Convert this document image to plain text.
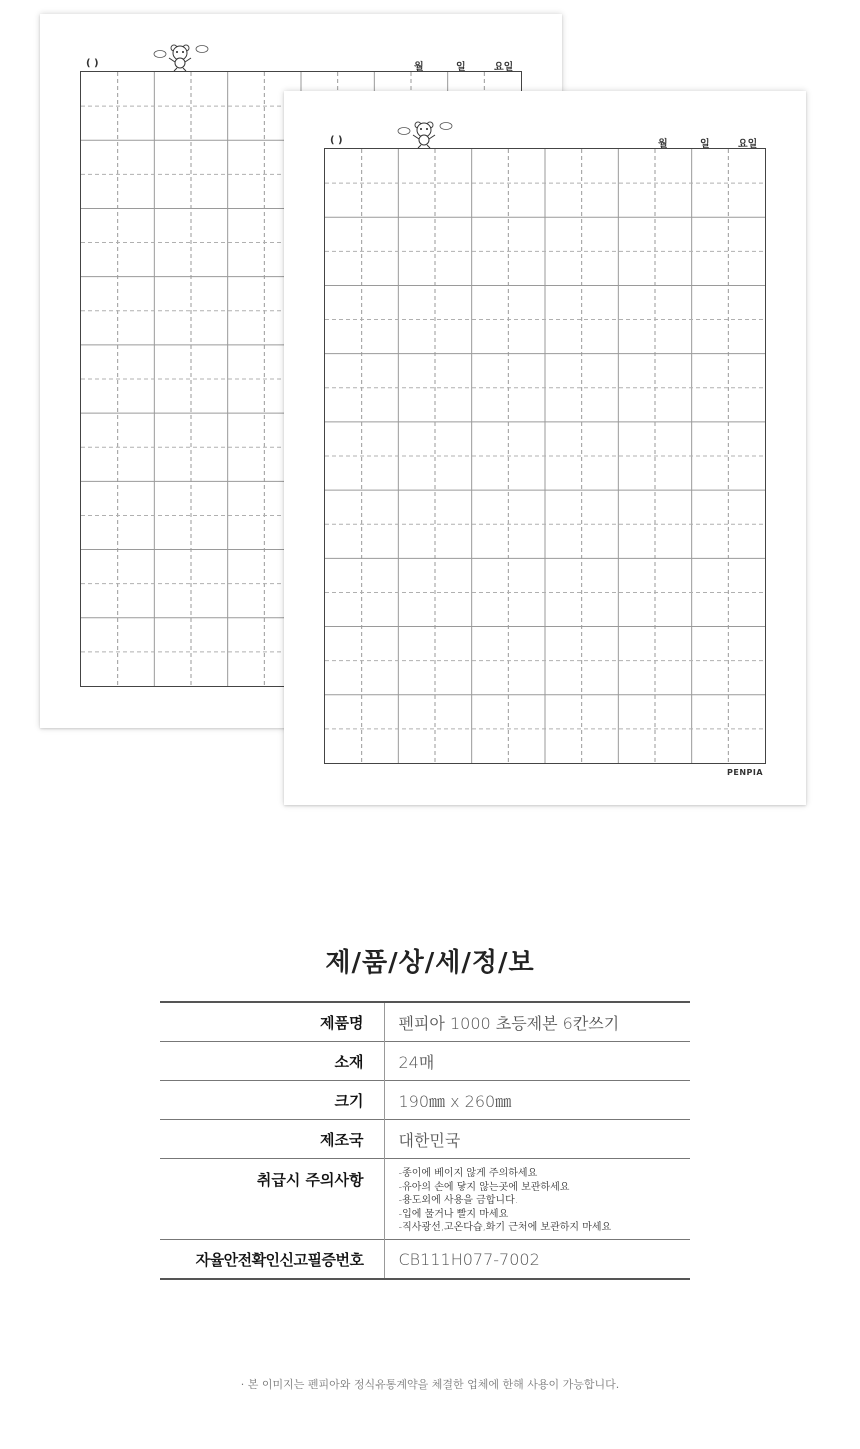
( )	월	일	요일
( )	월	일	요일
PENPIA
제/품/상/세/정/보
제품명	펜피아 1000 초등제본 6칸쓰기
소재	24매
크기	190㎜ x 260㎜
제조국	대한민국
취급시 주의사항	-종이에 베이지 않게 주의하세요
-유아의 손에 닿지 않는곳에 보관하세요
-용도외에 사용을 금합니다.
-입에 물거나 빨지 마세요
-직사광선,고온다습,화기 근처에 보관하지 마세요

자율안전확인신고필증번호	CB111H077-7002
· 본 이미지는 펜피아와 정식유통계약을 체결한 업체에 한해 사용이 가능합니다.
